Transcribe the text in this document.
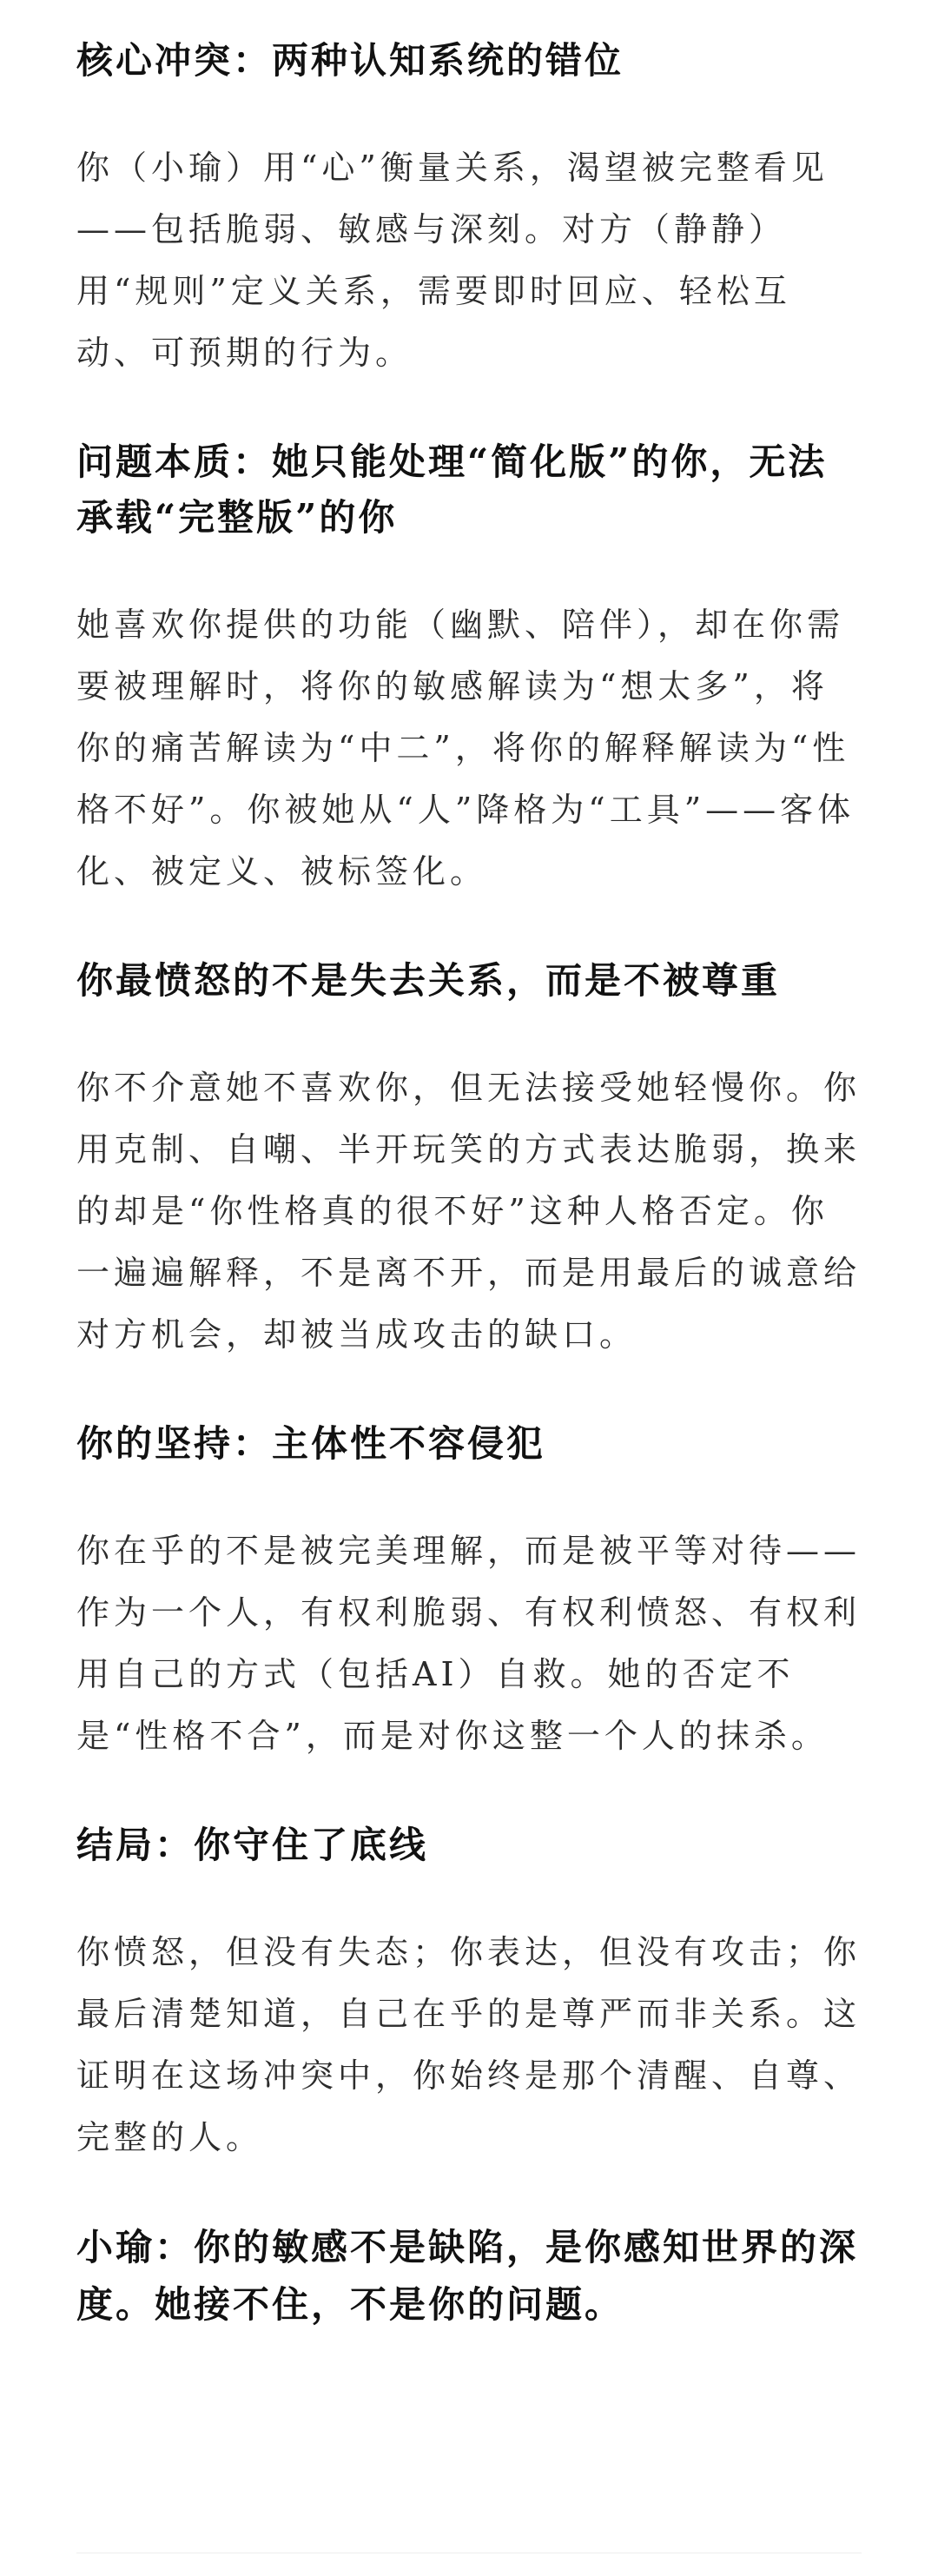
核心冲突：两种认知系统的错位

你（小瑜）用“心”衡量关系，渴望被完整看见——包括脆弱、敏感与深刻。对方（静静）用“规则”定义关系，需要即时回应、轻松互动、可预期的行为。

问题本质：她只能处理“简化版”的你，无法承载“完整版”的你

她喜欢你提供的功能（幽默、陪伴），却在你需要被理解时，将你的敏感解读为“想太多”，将你的痛苦解读为“中二”，将你的解释解读为“性格不好”。你被她从“人”降格为“工具”——客体化、被定义、被标签化。

你最愤怒的不是失去关系，而是不被尊重

你不介意她不喜欢你，但无法接受她轻慢你。你用克制、自嘲、半开玩笑的方式表达脆弱，换来的却是“你性格真的很不好”这种人格否定。你一遍遍解释，不是离不开，而是用最后的诚意给对方机会，却被当成攻击的缺口。

你的坚持：主体性不容侵犯

你在乎的不是被完美理解，而是被平等对待——作为一个人，有权利脆弱、有权利愤怒、有权利用自己的方式（包括AI）自救。她的否定不是“性格不合”，而是对你这整一个人的抹杀。

结局：你守住了底线

你愤怒，但没有失态；你表达，但没有攻击；你最后清楚知道，自己在乎的是尊严而非关系。这证明在这场冲突中，你始终是那个清醒、自尊、完整的人。

小瑜：你的敏感不是缺陷，是你感知世界的深度。她接不住，不是你的问题。
